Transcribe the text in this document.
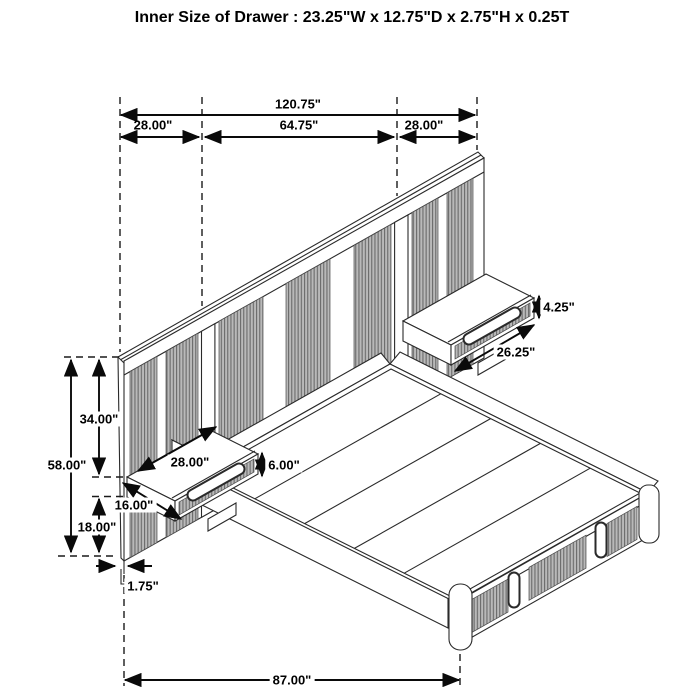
Inner Size of Drawer : 23.25"W x 12.75"D x 2.75"H x 0.25T
120.75"
28.00"	64.75"	28.00"
58.00"
34.00"
18.00"
28.00"
16.00"
6.00"
26.25"
4.25"
1.75"
87.00"
